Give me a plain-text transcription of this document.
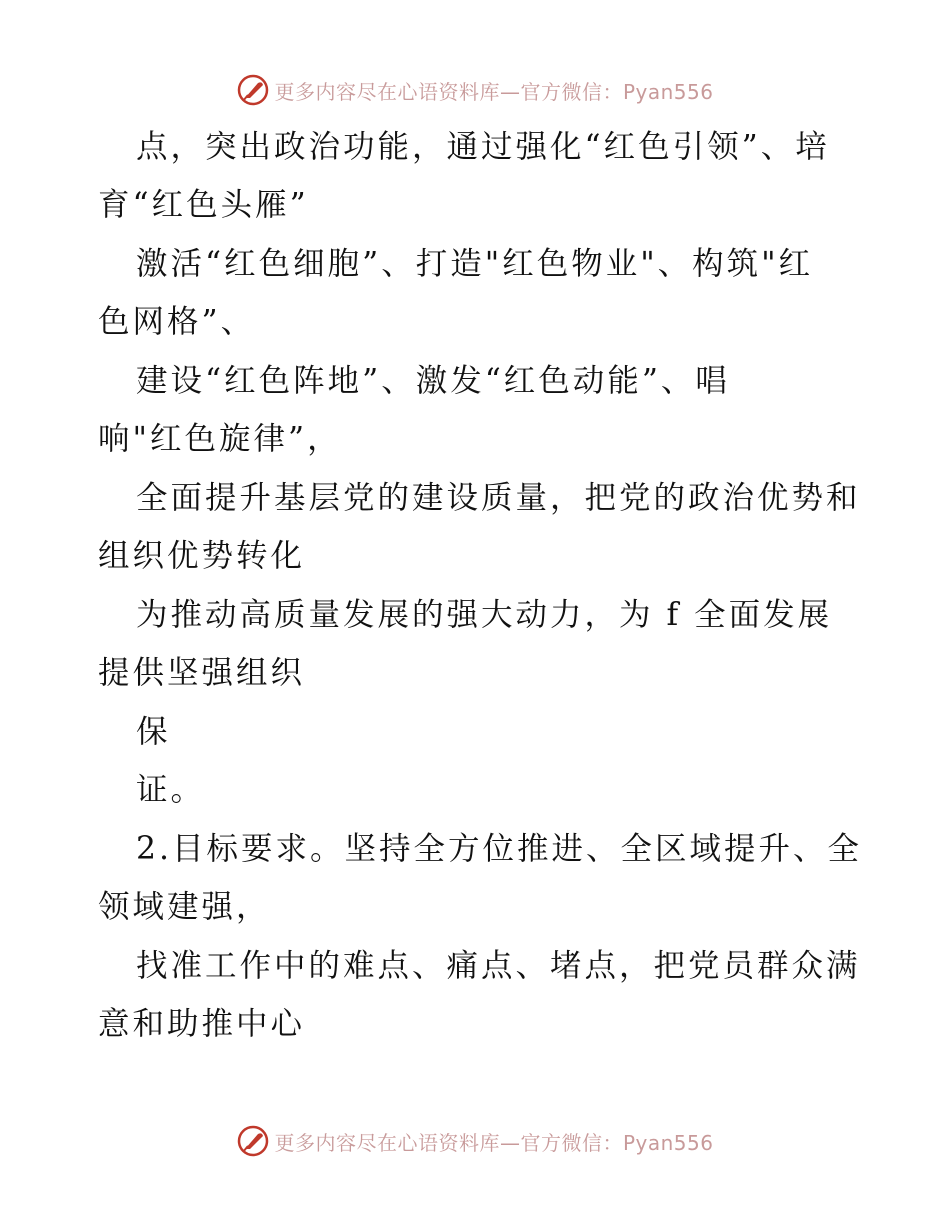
更多内容尽在心语资料库—官方微信：Pyan556
点，突出政治功能，通过强化“红色引领”、培
育“红色头雁”
激活“红色细胞”、打造"红色物业"、构筑"红
色网格”、
建设“红色阵地”、激发“红色动能”、唱
响"红色旋律”，
全面提升基层党的建设质量，把党的政治优势和
组织优势转化
为推动高质量发展的强大动力，为 f 全面发展
提供坚强组织
保
证。
2.目标要求。坚持全方位推进、全区域提升、全
领域建强，
找准工作中的难点、痛点、堵点，把党员群众满
意和助推中心
更多内容尽在心语资料库—官方微信：Pyan556
